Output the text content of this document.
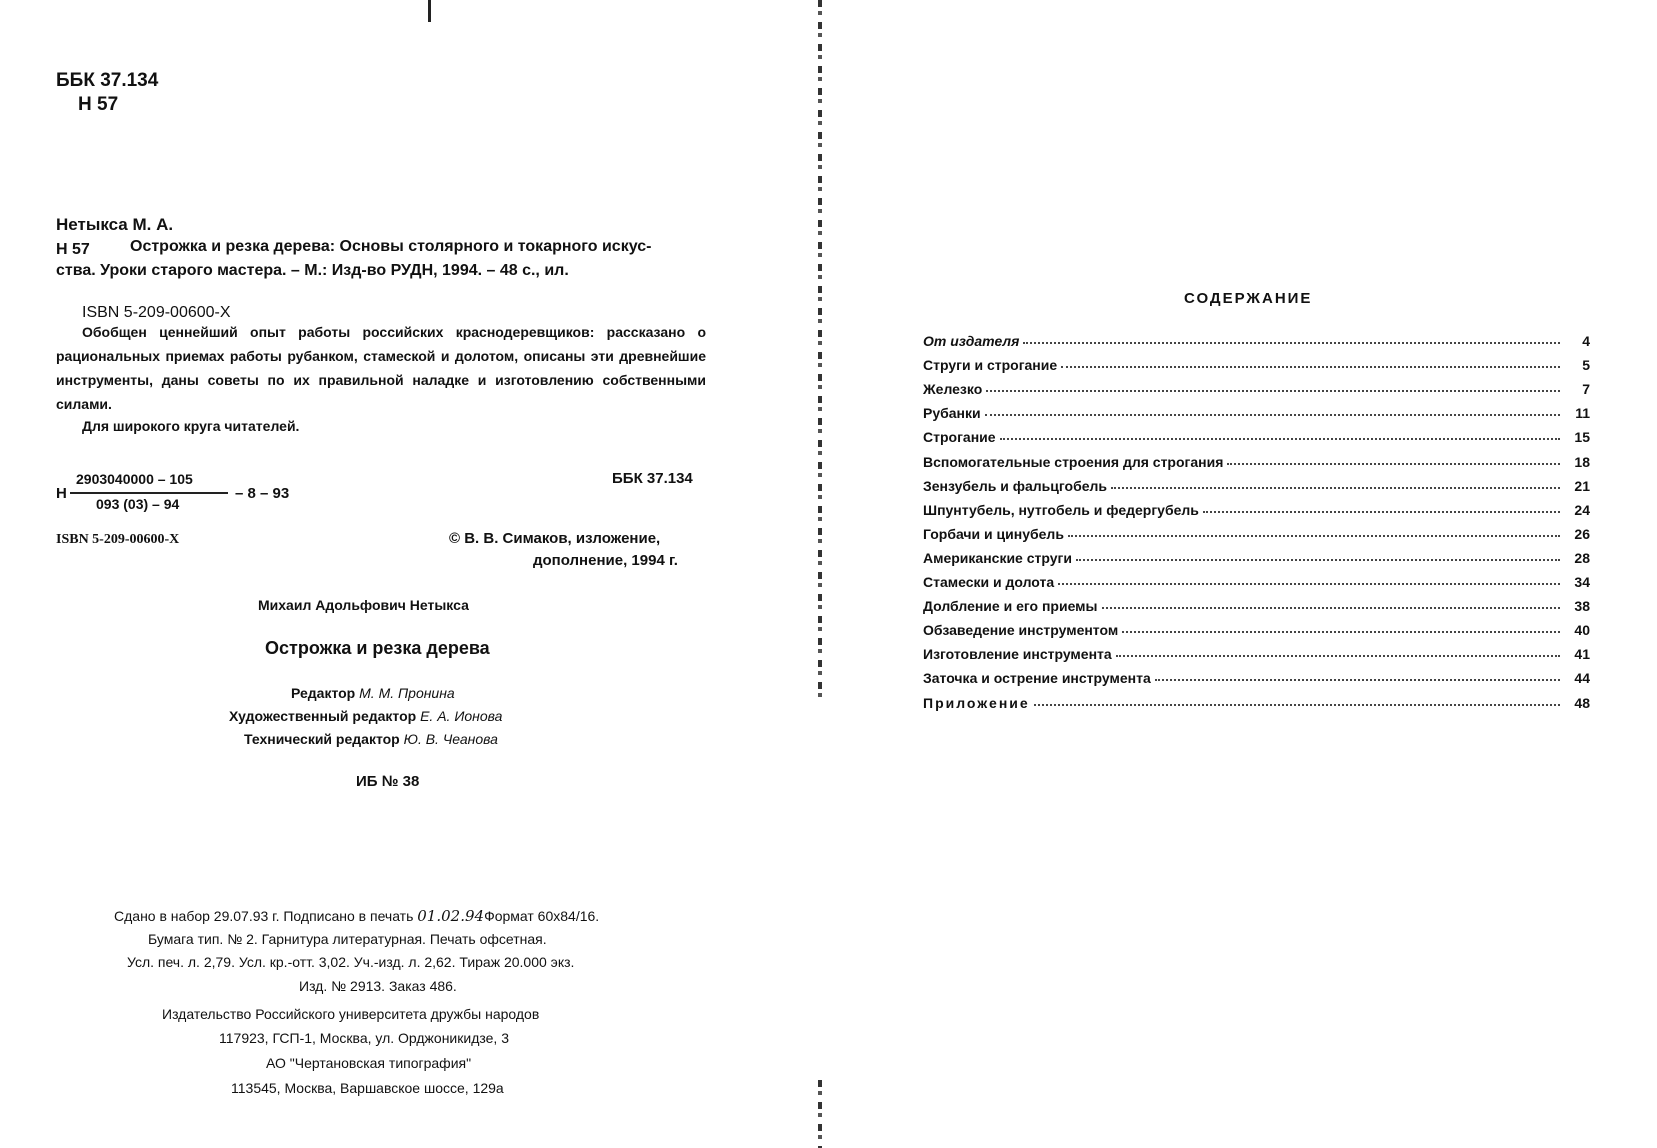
ББК 37.134
Н 57
Нетыкса М. А.
Н 57	Острожка и резка дерева: Основы столярного и токарного искус-
ства. Уроки старого мастера. – М.: Изд-во РУДН, 1994. – 48 с., ил.
ISBN 5-209-00600-X
Обобщен ценнейший опыт работы российских краснодеревщиков: рассказано о рациональных приемах работы рубанком, стамеской и долотом, описаны эти древнейшие инструменты, даны советы по их правильной наладке и изготовлению собственными силами.
Для широкого круга читателей.
Н
2903040000 – 105
093 (03) – 94
– 8 – 93
ББК 37.134
ISBN 5-209-00600-X	© В. В. Симаков, изложение,
дополнение, 1994 г.
Михаил Адольфович Нетыкса
Острожка и резка дерева
Редактор М. М. Пронина
Художественный редактор Е. А. Ионова
Технический редактор Ю. В. Чеанова
ИБ № 38
Сдано в набор 29.07.93 г. Подписано в печать 01.02.94Формат 60х84/16.
Бумага тип. № 2. Гарнитура литературная. Печать офсетная.
Усл. печ. л. 2,79. Усл. кр.-отт. 3,02. Уч.-изд. л. 2,62. Тираж 20.000 экз.
Изд. № 2913. Заказ 486.
Издательство Российского университета дружбы народов
117923, ГСП-1, Москва, ул. Орджоникидзе, 3
АО "Чертановская типография"
113545, Москва, Варшавское шоссе, 129а
СОДЕРЖАНИЕ
От издателя	4
Струги и строгание	5
Железко	7
Рубанки	11
Строгание	15
Вспомогательные строения для строгания	18
Зензубель и фальцгобель	21
Шпунтубель, нутгобель и федергубель	24
Горбачи и цинубель	26
Американские струги	28
Стамески и долота	34
Долбление и его приемы	38
Обзаведение инструментом	40
Изготовление инструмента	41
Заточка и острение инструмента	44
Приложение	48
